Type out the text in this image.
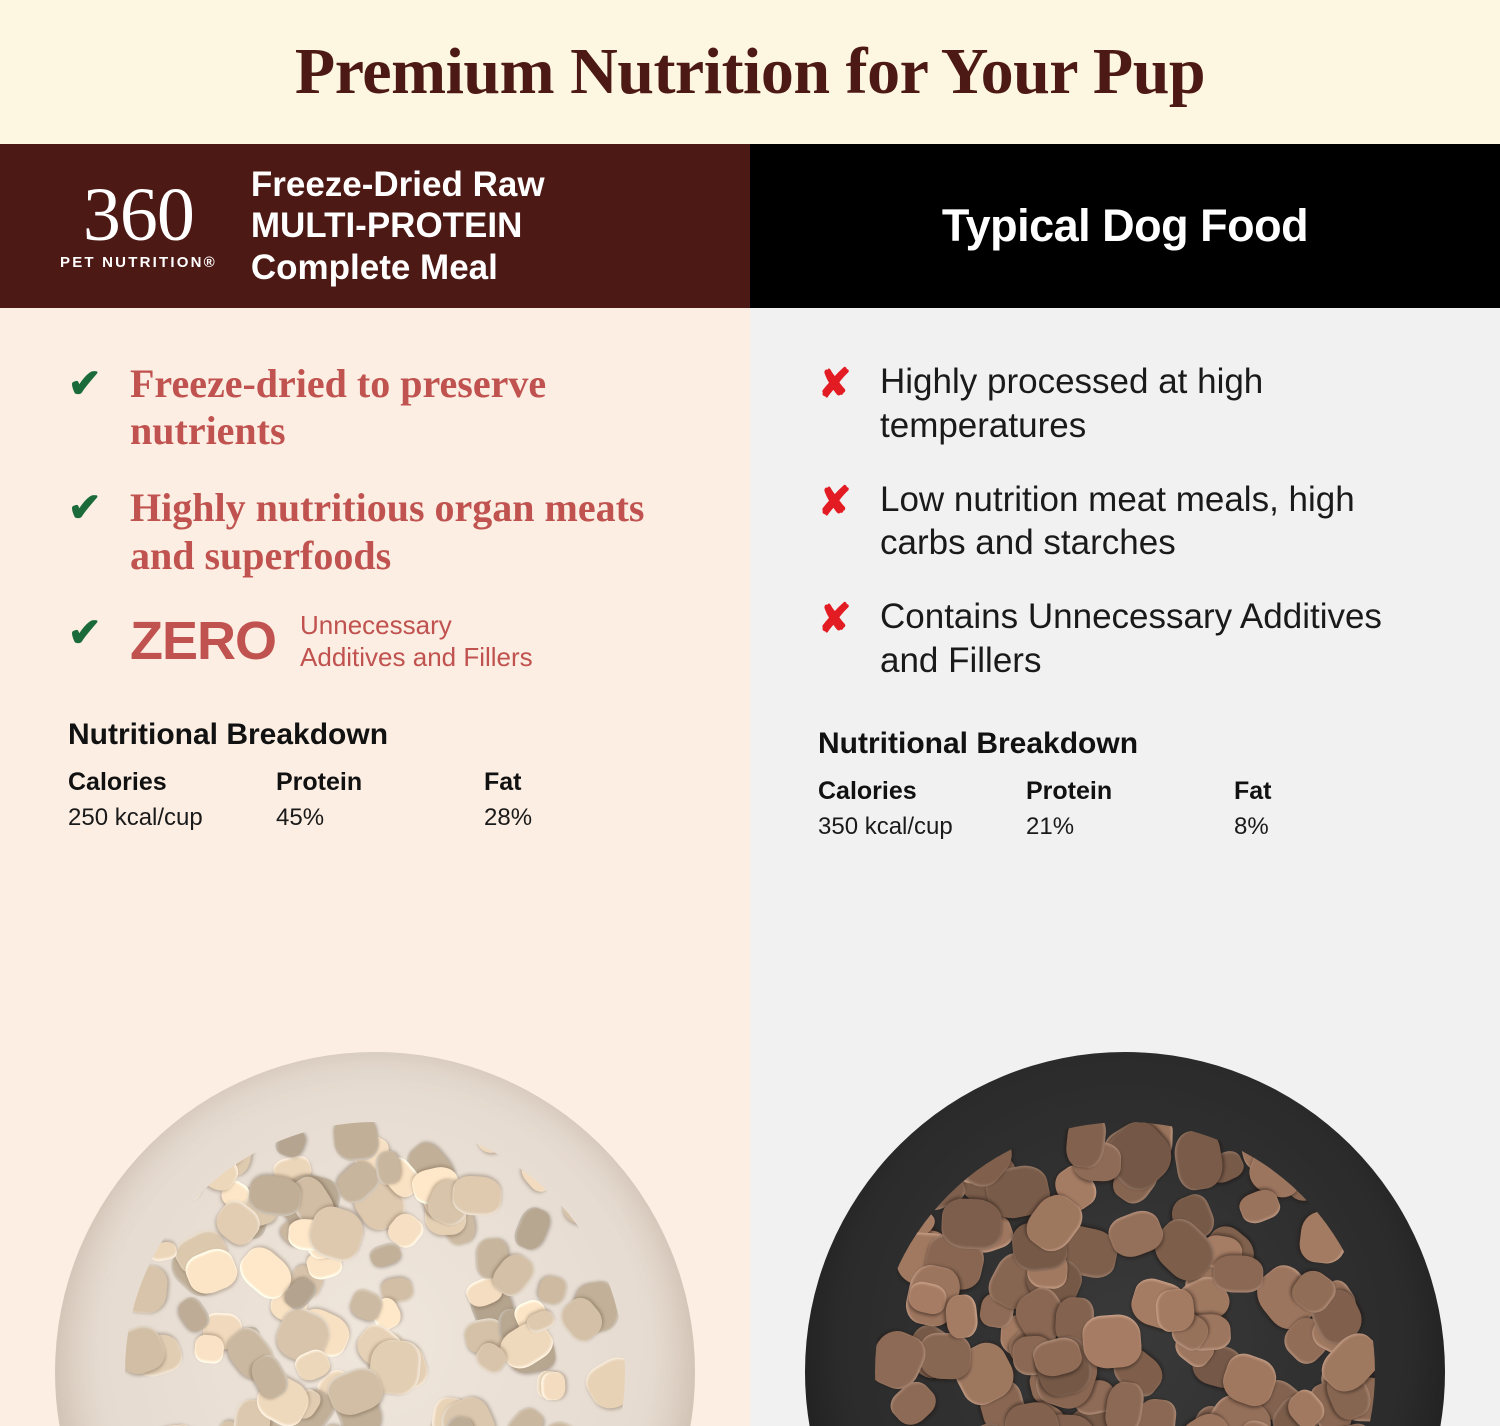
Premium Nutrition for Your Pup
360
PET NUTRITION®
Freeze-Dried Raw
MULTI-PROTEIN
Complete Meal
✔ Freeze-dried to preserve nutrients
✔ Highly nutritious organ meats and superfoods
✔ ZERO Unnecessary
Additives and Fillers
Nutritional Breakdown
Calories
250 kcal/cup
Protein
45%
Fat
28%
Typical Dog Food
✘ Highly processed at high temperatures
✘ Low nutrition meat meals, high carbs and starches
✘ Contains Unnecessary Additives and Fillers
Nutritional Breakdown
Calories
350 kcal/cup
Protein
21%
Fat
8%
